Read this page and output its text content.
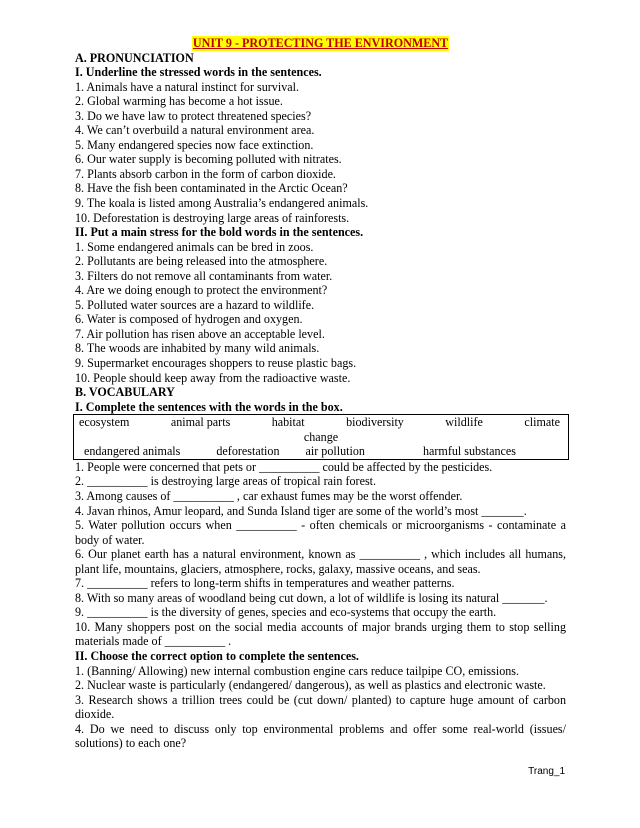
UNIT 9 - PROTECTING THE ENVIRONMENT
A. PRONUNCIATION
I. Underline the stressed words in the sentences.
1. Animals have a natural instinct for survival.
2. Global warming has become a hot issue.
3. Do we have law to protect threatened species?
4. We can’t overbuild a natural environment area.
5. Many endangered species now face extinction.
6. Our water supply is becoming polluted with nitrates.
7. Plants absorb carbon in the form of carbon dioxide.
8. Have the fish been contaminated in the Arctic Ocean?
9. The koala is listed among Australia’s endangered animals.
10. Deforestation is destroying large areas of rainforests.
II. Put a main stress for the bold words in the sentences.
1. Some endangered animals can be bred in zoos.
2. Pollutants are being released into the atmosphere.
3. Filters do not remove all contaminants from water.
4. Are we doing enough to protect the environment?
5. Polluted water sources are a hazard to wildlife.
6. Water is composed of hydrogen and oxygen.
7. Air pollution has risen above an acceptable level.
8. The woods are inhabited by many wild animals.
9. Supermarket encourages shoppers to reuse plastic bags.
10. People should keep away from the radioactive waste.
B. VOCABULARY
I. Complete the sentences with the words in the box.
ecosystem	animal parts	habitat	biodiversity	wildlife	climate
change
endangered animals	deforestation air pollution	harmful substances
1. People were concerned that pets or __________ could be affected by the pesticides.
2. __________ is destroying large areas of tropical rain forest.
3. Among causes of __________ , car exhaust fumes may be the worst offender.
4. Javan rhinos, Amur leopard, and Sunda Island tiger are some of the world’s most _______.
5. Water pollution occurs when __________ - often chemicals or microorganisms - contaminate a body of water.
6. Our planet earth has a natural environment, known as __________ , which includes all humans, plant life, mountains, glaciers, atmosphere, rocks, galaxy, massive oceans, and seas.
7. __________ refers to long-term shifts in temperatures and weather patterns.
8. With so many areas of woodland being cut down, a lot of wildlife is losing its natural _______.
9. __________ is the diversity of genes, species and eco-systems that occupy the earth.
10. Many shoppers post on the social media accounts of major brands urging them to stop selling materials made of __________ .
II. Choose the correct option to complete the sentences.
1. (Banning/ Allowing) new internal combustion engine cars reduce tailpipe CO, emissions.
2. Nuclear waste is particularly (endangered/ dangerous), as well as plastics and electronic waste.
3. Research shows a trillion trees could be (cut down/ planted) to capture huge amount of carbon dioxide.
4. Do we need to discuss only top environmental problems and offer some real-world (issues/ solutions) to each one?
Trang_1
